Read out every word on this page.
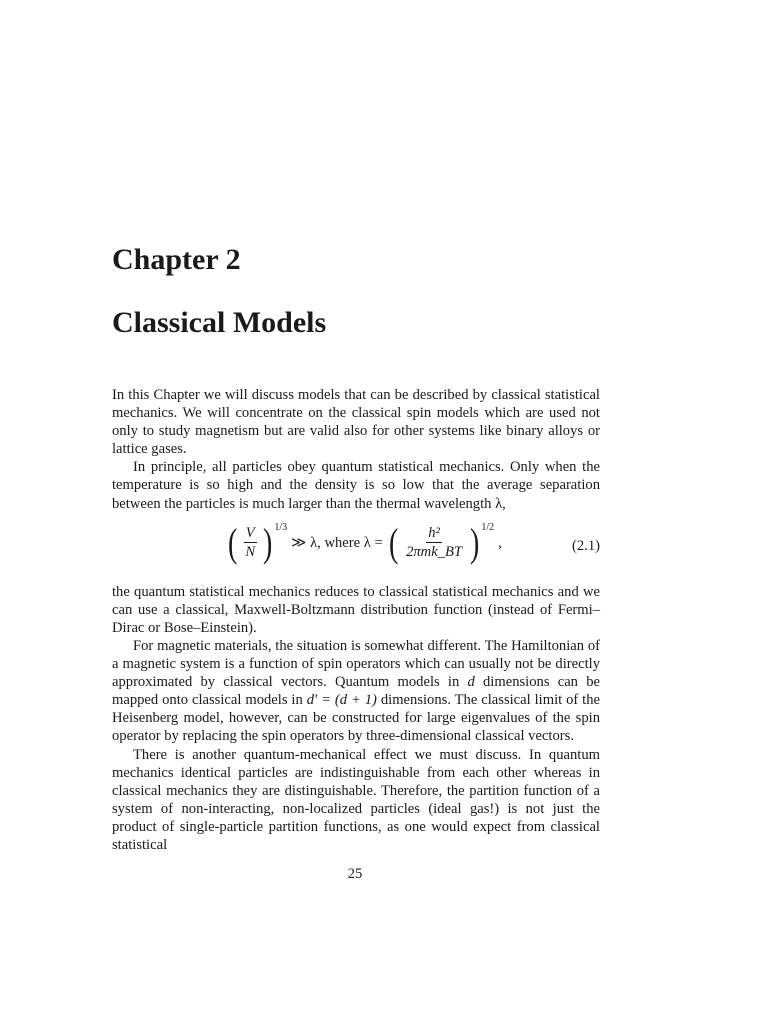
Chapter 2
Classical Models

In this Chapter we will discuss models that can be described by classical statistical mechanics. We will concentrate on the classical spin models which are used not only to study magnetism but are valid also for other systems like binary alloys or lattice gases.

In principle, all particles obey quantum statistical mechanics. Only when the temperature is so high and the density is so low that the average separation between the particles is much larger than the thermal wavelength λ,

( $\frac{V}{N} )^{1/3}$
≫ λ, where λ = ( $\frac{\text{h²}}{\text{2πmk\_BT}} )^{1/2}$
,	(2.1)

the quantum statistical mechanics reduces to classical statistical mechanics and we can use a classical, Maxwell-Boltzmann distribution function (instead of Fermi–Dirac or Bose–Einstein).

For magnetic materials, the situation is somewhat different. The Hamiltonian of a magnetic system is a function of spin operators which can usually not be directly approximated by classical vectors. Quantum models in d dimensions can be mapped onto classical models in d′ = (d + 1) dimensions. The classical limit of the Heisenberg model, however, can be constructed for large eigenvalues of the spin operator by replacing the spin operators by three-dimensional classical vectors.

There is another quantum-mechanical effect we must discuss. In quantum mechanics identical particles are indistinguishable from each other whereas in classical mechanics they are distinguishable. Therefore, the partition function of a system of non-interacting, non-localized particles (ideal gas!) is not just the product of single-particle partition functions, as one would expect from classical statistical

25
